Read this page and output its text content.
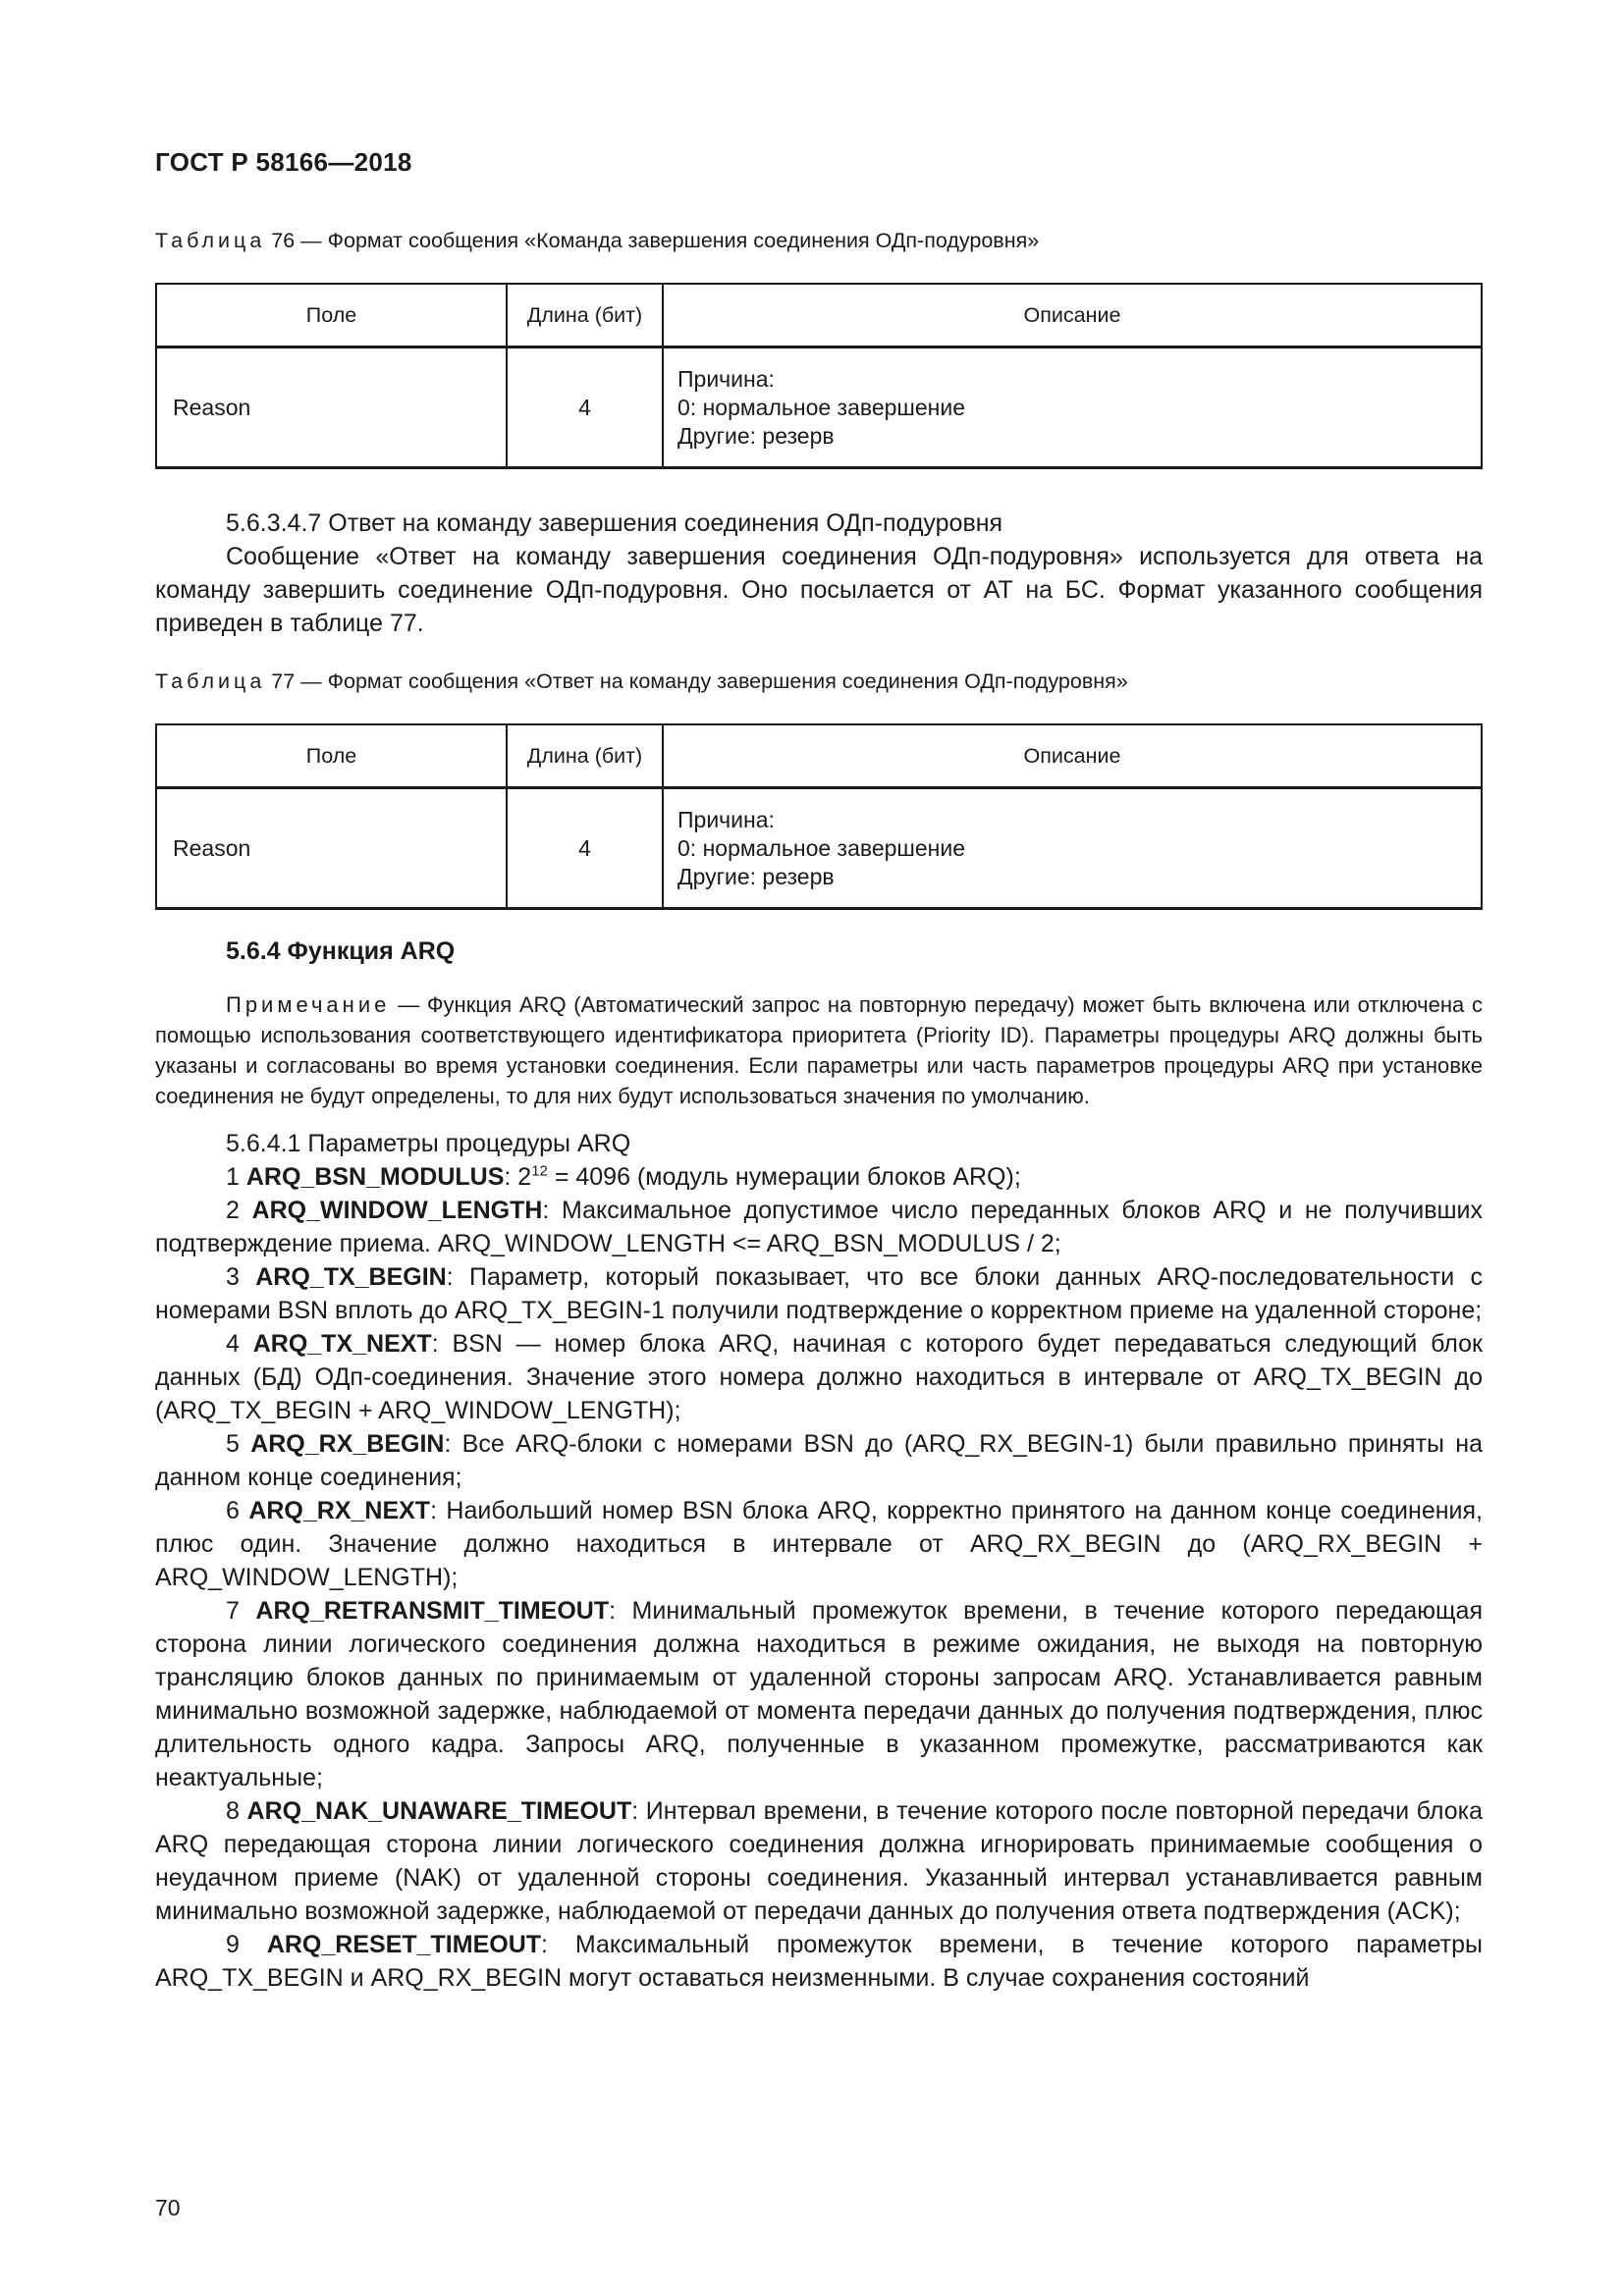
ГОСТ Р 58166—2018
Таблица 76 — Формат сообщения «Команда завершения соединения ОДп-подуровня»
Поле	Длина (бит)	Описание
Reason	4	Причина:
0: нормальное завершение
Другие: резерв

5.6.3.4.7 Ответ на команду завершения соединения ОДп-подуровня

Сообщение «Ответ на команду завершения соединения ОДп-подуровня» используется для ответа на команду завершить соединение ОДп-подуровня. Оно посылается от АТ на БС. Формат указанного сообщения приведен в таблице 77.

Таблица 77 — Формат сообщения «Ответ на команду завершения соединения ОДп-подуровня»
Поле	Длина (бит)	Описание
Reason	4	Причина:
0: нормальное завершение
Другие: резерв
5.6.4 Функция ARQ
Примечание — Функция ARQ (Автоматический запрос на повторную передачу) может быть включена или отключена с помощью использования соответствующего идентификатора приоритета (Priority ID). Параметры процедуры ARQ должны быть указаны и согласованы во время установки соединения. Если параметры или часть параметров процедуры ARQ при установке соединения не будут определены, то для них будут использоваться значения по умолчанию.

5.6.4.1 Параметры процедуры ARQ

1 ARQ_BSN_MODULUS: $2^{12} = 4096$ (модуль нумерации блоков ARQ);

2 ARQ_WINDOW_LENGTH: Максимальное допустимое число переданных блоков ARQ и не получивших подтверждение приема. ARQ_WINDOW_LENGTH <= ARQ_BSN_MODULUS / 2;

3 ARQ_TX_BEGIN: Параметр, который показывает, что все блоки данных ARQ-последовательности с номерами BSN вплоть до ARQ_TX_BEGIN-1 получили подтверждение о корректном приеме на удаленной стороне;

4 ARQ_TX_NEXT: BSN — номер блока ARQ, начиная с которого будет передаваться следующий блок данных (БД) ОДп-соединения. Значение этого номера должно находиться в интервале от ARQ_TX_BEGIN до (ARQ_TX_BEGIN + ARQ_WINDOW_LENGTH);

5 ARQ_RX_BEGIN: Все ARQ-блоки с номерами BSN до (ARQ_RX_BEGIN-1) были правильно приняты на данном конце соединения;

6 ARQ_RX_NEXT: Наибольший номер BSN блока ARQ, корректно принятого на данном конце соединения, плюс один. Значение должно находиться в интервале от ARQ_RX_BEGIN до (ARQ_RX_BEGIN + ARQ_WINDOW_LENGTH);

7 ARQ_RETRANSMIT_TIMEOUT: Минимальный промежуток времени, в течение которого передающая сторона линии логического соединения должна находиться в режиме ожидания, не выходя на повторную трансляцию блоков данных по принимаемым от удаленной стороны запросам ARQ. Устанавливается равным минимально возможной задержке, наблюдаемой от момента передачи данных до получения подтверждения, плюс длительность одного кадра. Запросы ARQ, полученные в указанном промежутке, рассматриваются как неактуальные;

8 ARQ_NAK_UNAWARE_TIMEOUT: Интервал времени, в течение которого после повторной передачи блока ARQ передающая сторона линии логического соединения должна игнорировать принимаемые сообщения о неудачном приеме (NAK) от удаленной стороны соединения. Указанный интервал устанавливается равным минимально возможной задержке, наблюдаемой от передачи данных до получения ответа подтверждения (ACK);

9 ARQ_RESET_TIMEOUT: Максимальный промежуток времени, в течение которого параметры ARQ_TX_BEGIN и ARQ_RX_BEGIN могут оставаться неизменными. В случае сохранения состояний

70
